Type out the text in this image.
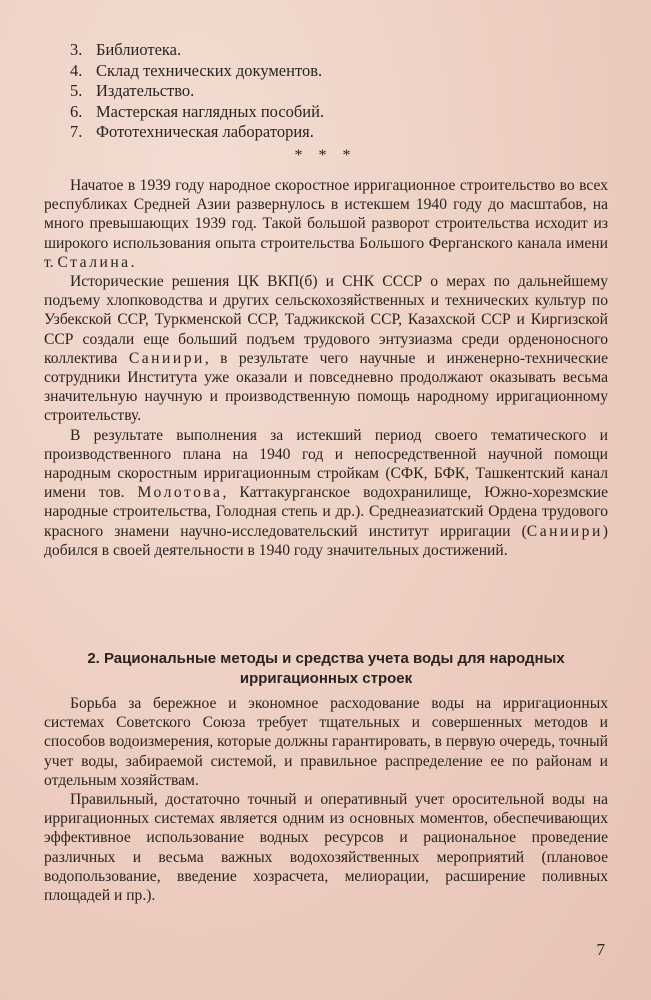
3. Библиотека.
4. Склад технических документов.
5. Издательство.
6. Мастерская наглядных пособий.
7. Фототехническая лаборатория.
* * *

Начатое в 1939 году народное скоростное ирригационное строительство во всех республиках Средней Азии развернулось в истекшем 1940 году до масштабов, на много превышающих 1939 год. Такой большой разворот строительства исходит из широкого использования опыта строительства Большого Ферганского канала имени т. Сталина.

Исторические решения ЦК ВКП(б) и СНК СССР о мерах по дальнейшему подъему хлопководства и других сельскохозяйственных и технических культур по Узбекской ССР, Туркменской ССР, Таджикской ССР, Казахской ССР и Киргизской ССР создали еще больший подъем трудового энтузиазма среди орденоносного коллектива Саниири, в результате чего научные и инженерно-технические сотрудники Института уже оказали и повседневно продолжают оказывать весьма значительную научную и производственную помощь народному ирригационному строительству.

В результате выполнения за истекший период своего тематического и производственного плана на 1940 год и непосредственной научной помощи народным скоростным ирригационным стройкам (СФК, БФК, Ташкентский канал имени тов. Молотова, Каттакурганское водохранилище, Южно-хорезмские народные строительства, Голодная степь и др.). Среднеазиатский Ордена трудового красного знамени научно-исследовательский институт ирригации (Саниири) добился в своей деятельности в 1940 году значительных достижений.

2. Рациональные методы и средства учета воды для народных
ирригационных строек

Борьба за бережное и экономное расходование воды на ирригационных системах Советского Союза требует тщательных и совершенных методов и способов водоизмерения, которые должны гарантировать, в первую очередь, точный учет воды, забираемой системой, и правильное распределение ее по районам и отдельным хозяйствам.

Правильный, достаточно точный и оперативный учет оросительной воды на ирригационных системах является одним из основных моментов, обеспечивающих эффективное использование водных ресурсов и рациональное проведение различных и весьма важных водохозяйственных мероприятий (плановое водопользование, введение хозрасчета, мелиорации, расширение поливных площадей и пр.).

7
